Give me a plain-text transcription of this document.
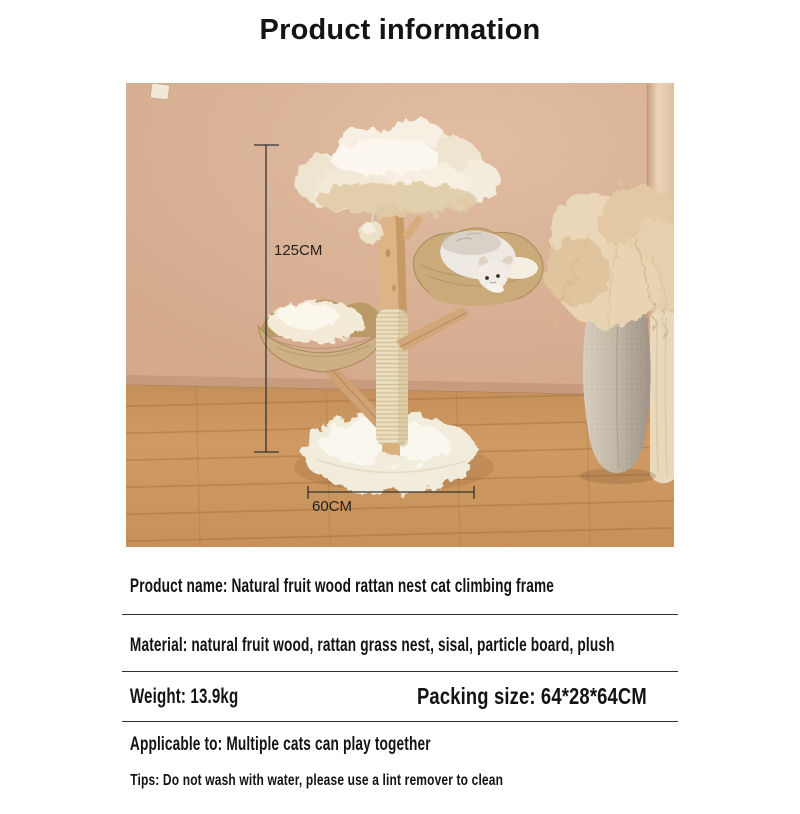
Product information
125CM
60CM
Product name: Natural fruit wood rattan nest cat climbing frame
Material: natural fruit wood, rattan grass nest, sisal, particle board, plush
Weight: 13.9kg	Packing size: 64*28*64CM
Applicable to: Multiple cats can play together
Tips: Do not wash with water, please use a lint remover to clean
